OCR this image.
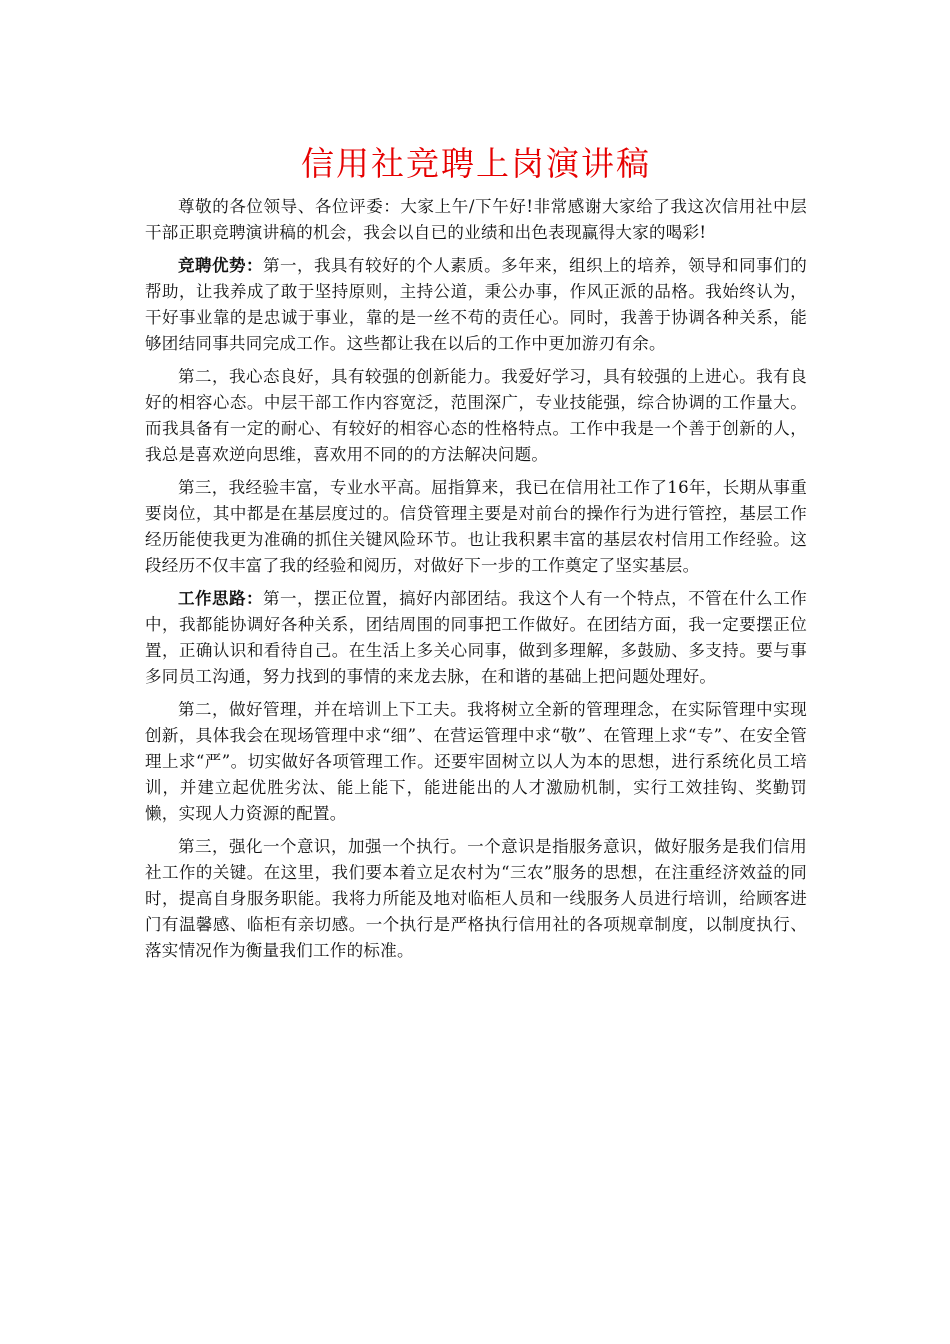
信用社竞聘上岗演讲稿

尊敬的各位领导、各位评委：大家上午/下午好!非常感谢大家给了我这次信用社中层干部正职竞聘演讲稿的机会，我会以自已的业绩和出色表现赢得大家的喝彩!

竞聘优势：第一，我具有较好的个人素质。多年来，组织上的培养，领导和同事们的帮助，让我养成了敢于坚持原则，主持公道，秉公办事，作风正派的品格。我始终认为，干好事业靠的是忠诚于事业，靠的是一丝不苟的责任心。同时，我善于协调各种关系，能够团结同事共同完成工作。这些都让我在以后的工作中更加游刃有余。

第二，我心态良好，具有较强的创新能力。我爱好学习，具有较强的上进心。我有良好的相容心态。中层干部工作内容宽泛，范围深广，专业技能强，综合协调的工作量大。而我具备有一定的耐心、有较好的相容心态的性格特点。工作中我是一个善于创新的人，我总是喜欢逆向思维，喜欢用不同的的方法解决问题。

第三，我经验丰富，专业水平高。屈指算来，我已在信用社工作了16年，长期从事重要岗位，其中都是在基层度过的。信贷管理主要是对前台的操作行为进行管控，基层工作经历能使我更为准确的抓住关键风险环节。也让我积累丰富的基层农村信用工作经验。这段经历不仅丰富了我的经验和阅历，对做好下一步的工作奠定了坚实基层。

工作思路：第一，摆正位置，搞好内部团结。我这个人有一个特点，不管在什么工作中，我都能协调好各种关系，团结周围的同事把工作做好。在团结方面，我一定要摆正位置，正确认识和看待自己。在生活上多关心同事，做到多理解，多鼓励、多支持。要与事多同员工沟通，努力找到的事情的来龙去脉，在和谐的基础上把问题处理好。

第二，做好管理，并在培训上下工夫。我将树立全新的管理理念，在实际管理中实现创新，具体我会在现场管理中求“细”、在营运管理中求“敬”、在管理上求“专”、在安全管理上求“严”。切实做好各项管理工作。还要牢固树立以人为本的思想，进行系统化员工培训，并建立起优胜劣汰、能上能下，能进能出的人才激励机制，实行工效挂钩、奖勤罚懒，实现人力资源的配置。

第三，强化一个意识，加强一个执行。一个意识是指服务意识，做好服务是我们信用社工作的关键。在这里，我们要本着立足农村为“三农”服务的思想，在注重经济效益的同时，提高自身服务职能。我将力所能及地对临柜人员和一线服务人员进行培训，给顾客进门有温馨感、临柜有亲切感。一个执行是严格执行信用社的各项规章制度，以制度执行、落实情况作为衡量我们工作的标准。
